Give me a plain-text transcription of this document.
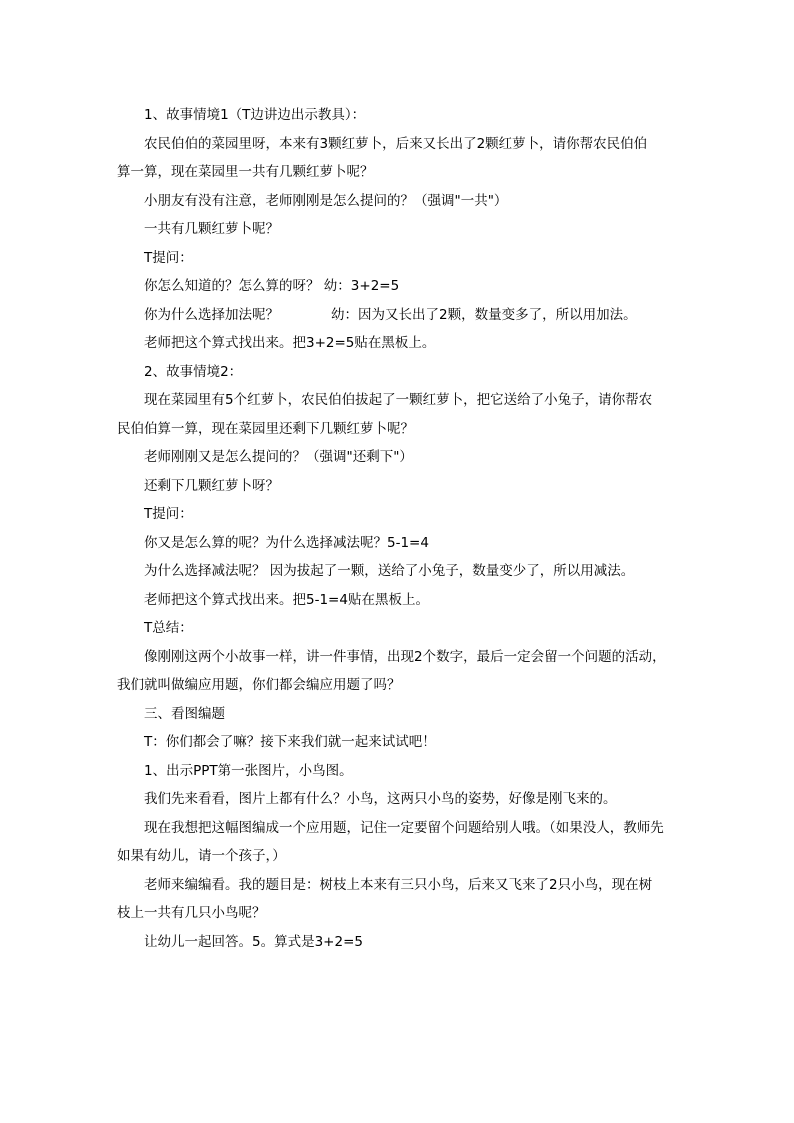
1、故事情境1（T边讲边出示教具）：
农民伯伯的菜园里呀，本来有3颗红萝卜，后来又长出了2颗红萝卜，请你帮农民伯伯
算一算，现在菜园里一共有几颗红萝卜呢？
小朋友有没有注意，老师刚刚是怎么提问的？（强调"一共"）
一共有几颗红萝卜呢？
T提问：
你怎么知道的？怎么算的呀？ 幼：3+2=5
你为什么选择加法呢？	幼：因为又长出了2颗，数量变多了，所以用加法。
老师把这个算式找出来。把3+2=5贴在黑板上。
2、故事情境2：
现在菜园里有5个红萝卜，农民伯伯拔起了一颗红萝卜，把它送给了小兔子，请你帮农
民伯伯算一算，现在菜园里还剩下几颗红萝卜呢？
老师刚刚又是怎么提问的？（强调"还剩下"）
还剩下几颗红萝卜呀？
T提问：
你又是怎么算的呢？为什么选择减法呢？5-1=4
为什么选择减法呢？ 因为拔起了一颗，送给了小兔子，数量变少了，所以用减法。
老师把这个算式找出来。把5-1=4贴在黑板上。
T总结：
像刚刚这两个小故事一样，讲一件事情，出现2个数字，最后一定会留一个问题的活动，
我们就叫做编应用题，你们都会编应用题了吗？
三、看图编题
T：你们都会了嘛？接下来我们就一起来试试吧！
1、出示PPT第一张图片，小鸟图。
我们先来看看，图片上都有什么？小鸟，这两只小鸟的姿势，好像是刚飞来的。
现在我想把这幅图编成一个应用题，记住一定要留个问题给别人哦。（如果没人，教师先
如果有幼儿，请一个孩子，）
老师来编编看。我的题目是：树枝上本来有三只小鸟，后来又飞来了2只小鸟，现在树
枝上一共有几只小鸟呢？
让幼儿一起回答。5。算式是3+2=5
